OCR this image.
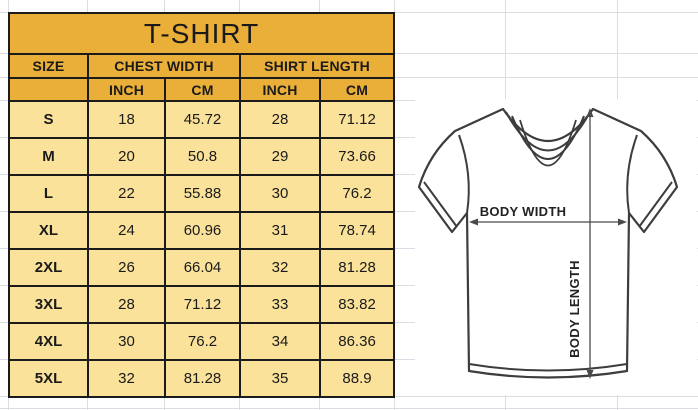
T-SHIRT				
SIZE	CHEST WIDTH		SHIRT LENGTH	
	INCH	CM	INCH	CM
S	18	45.72	28	71.12
M	20	50.8	29	73.66
L	22	55.88	30	76.2
XL	24	60.96	31	78.74
2XL	26	66.04	32	81.28
3XL	28	71.12	33	83.82
4XL	30	76.2	34	86.36
5XL	32	81.28	35	88.9
BODY WIDTH
BODY LENGTH
